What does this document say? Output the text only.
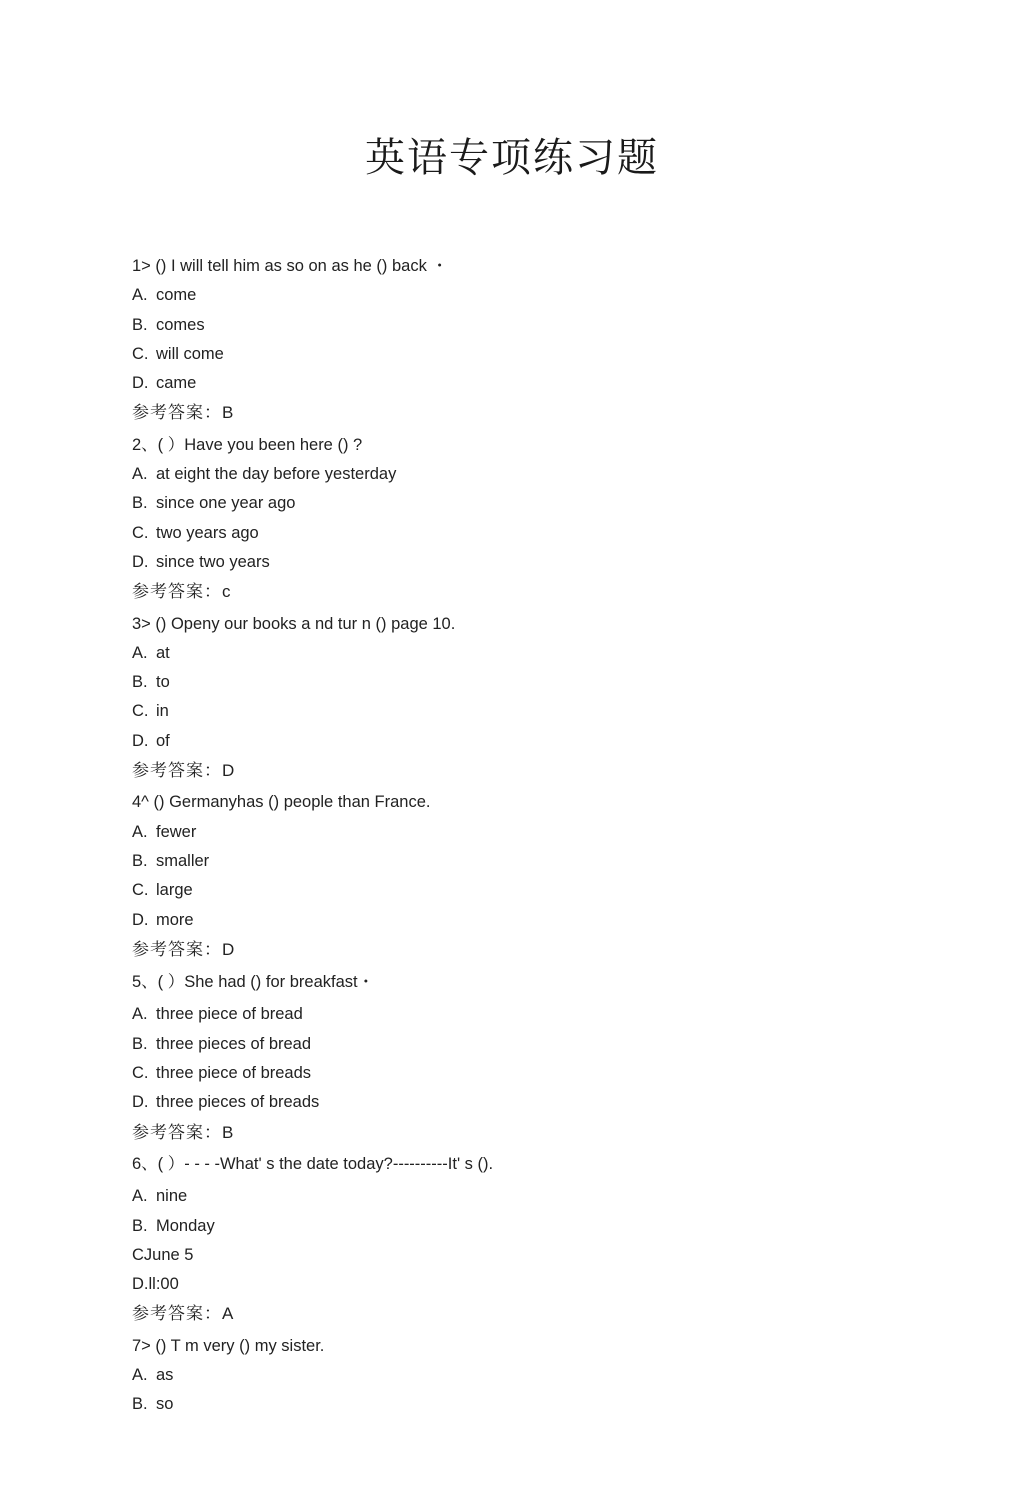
英语专项练习题
1> () I will tell him as so on as he () back ・
A. come
B. comes
C. will come
D. came
参考答案：B
2、( ）Have you been here () ?
A. at eight the day before yesterday
B. since one year ago
C. two years ago
D. since two years
参考答案：c
3> () Openy our books a nd tur n () page 10.
A. at
B. to
C. in
D. of
参考答案：D
4^ () Germanyhas () people than France.
A. fewer
B. smaller
C. large
D. more
参考答案：D
5、( ）She had () for breakfast・
A. three piece of bread
B. three pieces of bread
C. three piece of breads
D. three pieces of breads
参考答案：B
6、( ）- - - -What' s the date today?----------It' s ().
A. nine
B. Monday
CJune 5
D.ll:00
参考答案：A
7> () T m very () my sister.
A. as
B. so
